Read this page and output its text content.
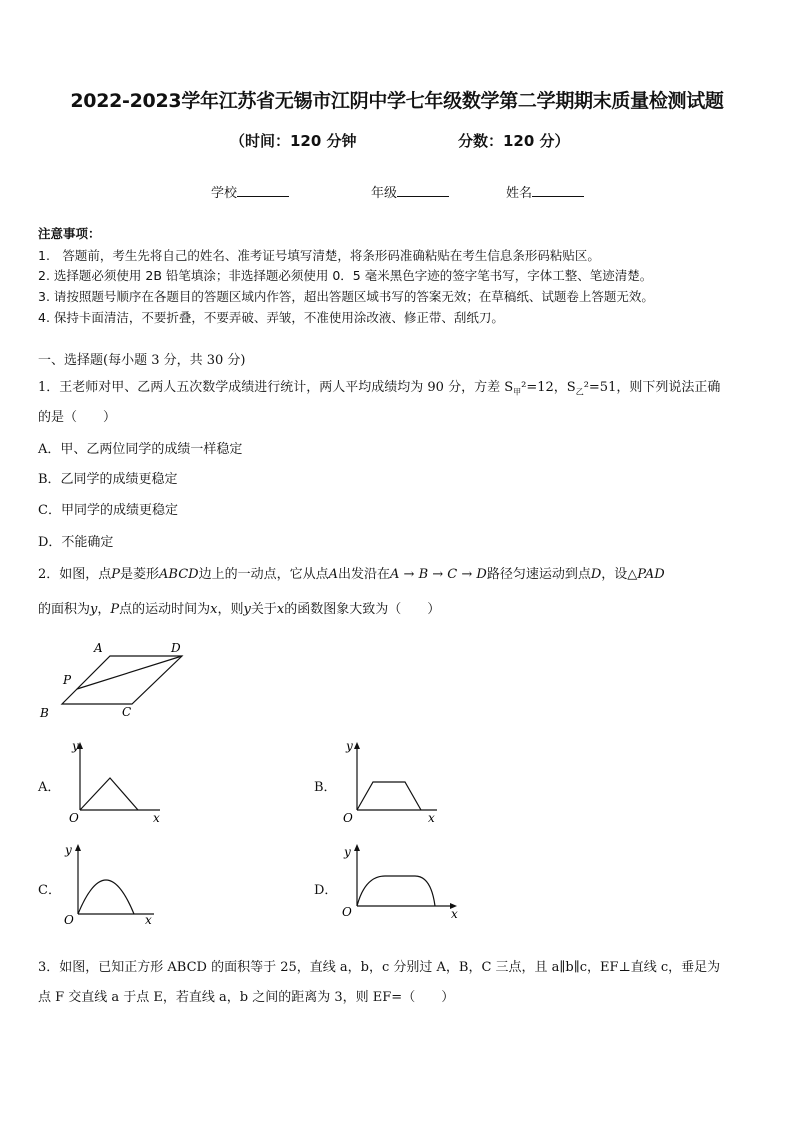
2022-2023学年江苏省无锡市江阴中学七年级数学第二学期期末质量检测试题
（时间：120 分钟	分数：120 分）
学校	年级	姓名
注意事项：
1.　答题前，考生先将自己的姓名、准考证号填写清楚，将条形码准确粘贴在考生信息条形码粘贴区。
2. 选择题必须使用 2B 铅笔填涂；非选择题必须使用 0．5 毫米黑色字迹的签字笔书写，字体工整、笔迹清楚。
3. 请按照题号顺序在各题目的答题区域内作答，超出答题区域书写的答案无效；在草稿纸、试题卷上答题无效。
4. 保持卡面清洁，不要折叠，不要弄破、弄皱，不准使用涂改液、修正带、刮纸刀。
一、选择题(每小题 3 分，共 30 分)
1．王老师对甲、乙两人五次数学成绩进行统计，两人平均成绩均为 90 分，方差 $S_甲^2=12$，$S_乙^2=51$，则下列说法正确
的是（　　）
A．甲、乙两位同学的成绩一样稳定
B．乙同学的成绩更稳定
C．甲同学的成绩更稳定
D．不能确定
2．如图，点P是菱形ABCD边上的一动点，它从点A出发沿在A → B → C → D路径匀速运动到点D，设△PAD
的面积为y，P点的运动时间为x，则y关于x的函数图象大致为（　　）
A	D
P
B	C
A．
y
x
O
B．
y
x
O
C．
y
x
O
D．
y
x
O
3．如图，已知正方形 ABCD 的面积等于 25，直线 a，b，c 分别过 A，B，C 三点，且 a∥b∥c，EF⊥直线 c，垂足为
点 F 交直线 a 于点 E，若直线 a，b 之间的距离为 3，则 EF=（　　）
